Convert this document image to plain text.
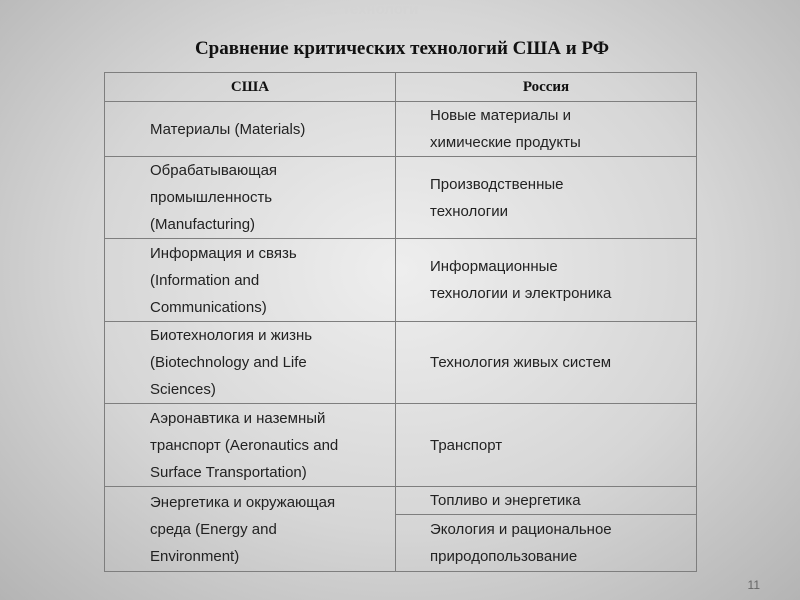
Тема 1. Технологи
Сравнение критических технологий США и РФ
США	Россия
Материалы (Materials)	Новые материалы и
химические продукты
Обрабатывающая
промышленность
(Manufacturing)	Производственные
технологии
Информация и связь
(Information and
Communications)	Информационные
технологии и электроника
Биотехнология и жизнь
(Biotechnology and Life
Sciences)	Технология живых систем
Аэронавтика и наземный
транспорт (Aeronautics and
Surface Transportation)	Транспорт
Энергетика и окружающая
среда (Energy and
Environment)	Топливо и энергетика
	Экология и рациональное
природопользование
11
